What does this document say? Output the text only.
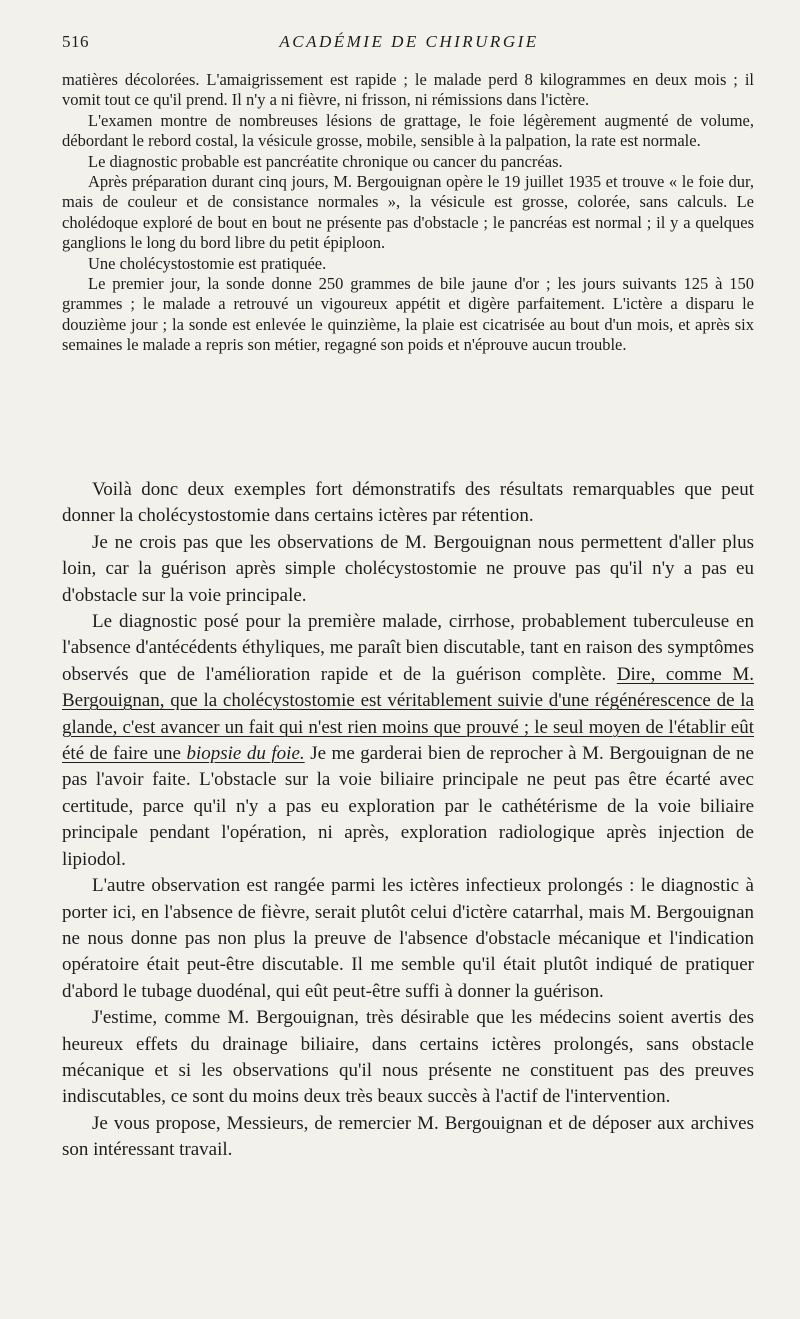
516	ACADÉMIE DE CHIRURGIE

matières décolorées. L'amaigrissement est rapide ; le malade perd 8 kilogrammes en deux mois ; il vomit tout ce qu'il prend. Il n'y a ni fièvre, ni frisson, ni rémissions dans l'ictère.

L'examen montre de nombreuses lésions de grattage, le foie légèrement augmenté de volume, débordant le rebord costal, la vésicule grosse, mobile, sensible à la palpation, la rate est normale.

Le diagnostic probable est pancréatite chronique ou cancer du pancréas.

Après préparation durant cinq jours, M. Bergouignan opère le 19 juillet 1935 et trouve « le foie dur, mais de couleur et de consistance normales », la vésicule est grosse, colorée, sans calculs. Le cholédoque exploré de bout en bout ne présente pas d'obstacle ; le pancréas est normal ; il y a quelques ganglions le long du bord libre du petit épiploon.

Une cholécystostomie est pratiquée.

Le premier jour, la sonde donne 250 grammes de bile jaune d'or ; les jours suivants 125 à 150 grammes ; le malade a retrouvé un vigoureux appétit et digère parfaitement. L'ictère a disparu le douzième jour ; la sonde est enlevée le quinzième, la plaie est cicatrisée au bout d'un mois, et après six semaines le malade a repris son métier, regagné son poids et n'éprouve aucun trouble.

Voilà donc deux exemples fort démonstratifs des résultats remarquables que peut donner la cholécystostomie dans certains ictères par rétention.

Je ne crois pas que les observations de M. Bergouignan nous permettent d'aller plus loin, car la guérison après simple cholécystostomie ne prouve pas qu'il n'y a pas eu d'obstacle sur la voie principale.

Le diagnostic posé pour la première malade, cirrhose, probablement tuberculeuse en l'absence d'antécédents éthyliques, me paraît bien discutable, tant en raison des symptômes observés que de l'amélioration rapide et de la guérison complète. Dire, comme M. Bergouignan, que la cholécystostomie est véritablement suivie d'une régénérescence de la glande, c'est avancer un fait qui n'est rien moins que prouvé ; le seul moyen de l'établir eût été de faire une biopsie du foie. Je me garderai bien de reprocher à M. Bergouignan de ne pas l'avoir faite. L'obstacle sur la voie biliaire principale ne peut pas être écarté avec certitude, parce qu'il n'y a pas eu exploration par le cathétérisme de la voie biliaire principale pendant l'opération, ni après, exploration radiologique après injection de lipiodol.

L'autre observation est rangée parmi les ictères infectieux prolongés : le diagnostic à porter ici, en l'absence de fièvre, serait plutôt celui d'ictère catarrhal, mais M. Bergouignan ne nous donne pas non plus la preuve de l'absence d'obstacle mécanique et l'indication opératoire était peut-être discutable. Il me semble qu'il était plutôt indiqué de pratiquer d'abord le tubage duodénal, qui eût peut-être suffi à donner la guérison.

J'estime, comme M. Bergouignan, très désirable que les médecins soient avertis des heureux effets du drainage biliaire, dans certains ictères prolongés, sans obstacle mécanique et si les observations qu'il nous présente ne constituent pas des preuves indiscutables, ce sont du moins deux très beaux succès à l'actif de l'intervention.

Je vous propose, Messieurs, de remercier M. Bergouignan et de déposer aux archives son intéressant travail.
